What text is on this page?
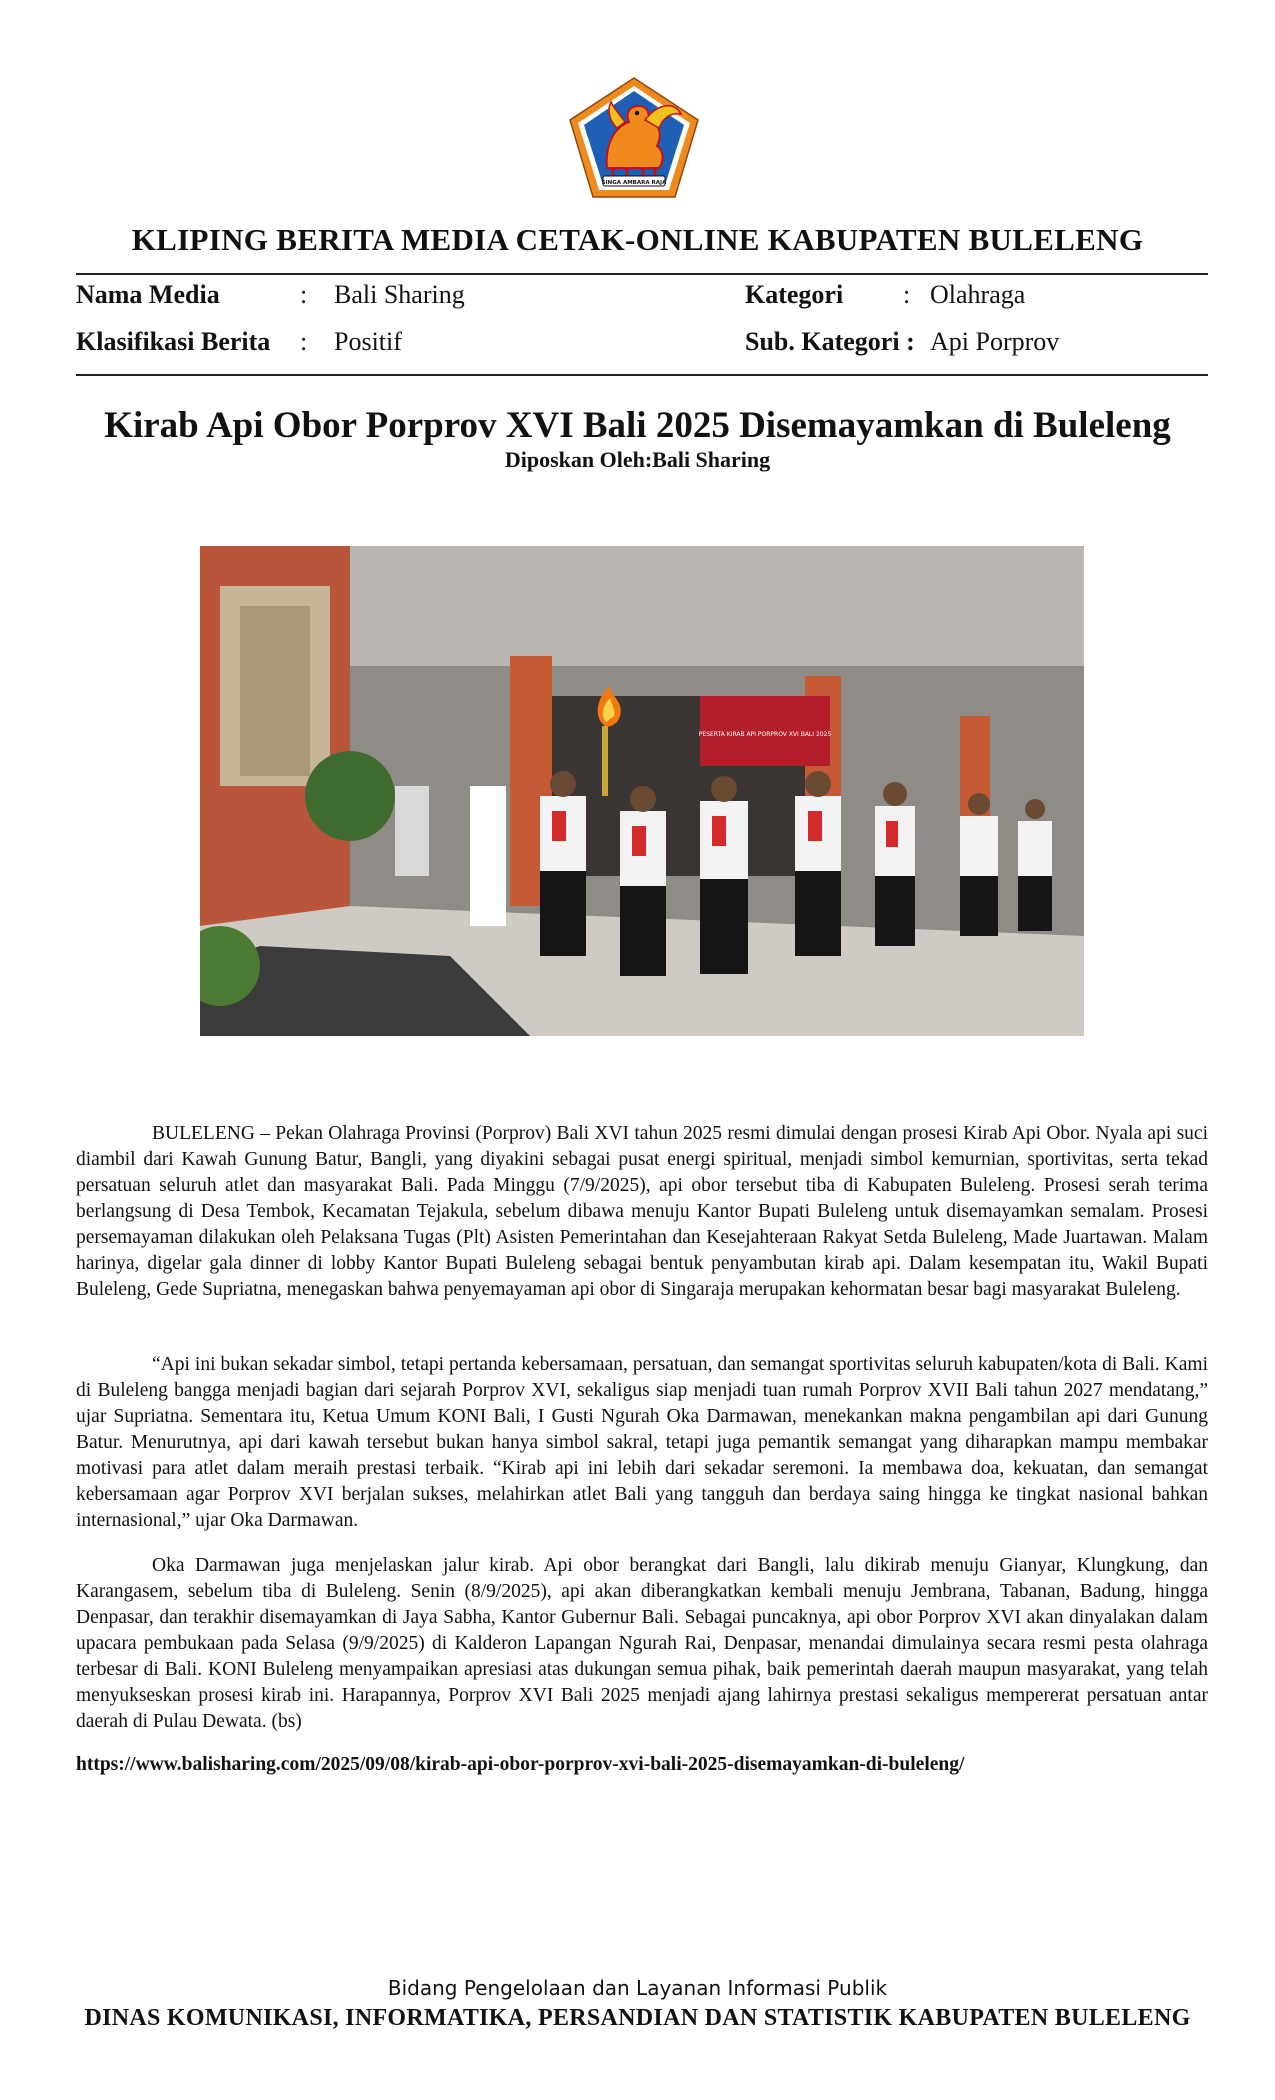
SINGA AMBARA RAJA
KLIPING BERITA MEDIA CETAK-ONLINE KABUPATEN BULELENG
Nama Media	: Bali Sharing	Kategori : Olahraga
Klasifikasi Berita : Positif	Sub. Kategori : Api Porprov
Kirab Api Obor Porprov XVI Bali 2025 Disemayamkan di Buleleng
Diposkan Oleh:Bali Sharing
PESERTA KIRAB API PORPROV XVI BALI 2025

BULELENG – Pekan Olahraga Provinsi (Porprov) Bali XVI tahun 2025 resmi dimulai dengan prosesi Kirab Api Obor. Nyala api suci diambil dari Kawah Gunung Batur, Bangli, yang diyakini sebagai pusat energi spiritual, menjadi simbol kemurnian, sportivitas, serta tekad persatuan seluruh atlet dan masyarakat Bali. Pada Minggu (7/9/2025), api obor tersebut tiba di Kabupaten Buleleng. Prosesi serah terima berlangsung di Desa Tembok, Kecamatan Tejakula, sebelum dibawa menuju Kantor Bupati Buleleng untuk disemayamkan semalam. Prosesi persemayaman dilakukan oleh Pelaksana Tugas (Plt) Asisten Pemerintahan dan Kesejahteraan Rakyat Setda Buleleng, Made Juartawan. Malam harinya, digelar gala dinner di lobby Kantor Bupati Buleleng sebagai bentuk penyambutan kirab api. Dalam kesempatan itu, Wakil Bupati Buleleng, Gede Supriatna, menegaskan bahwa penyemayaman api obor di Singaraja merupakan kehormatan besar bagi masyarakat Buleleng.

“Api ini bukan sekadar simbol, tetapi pertanda kebersamaan, persatuan, dan semangat sportivitas seluruh kabupaten/kota di Bali. Kami di Buleleng bangga menjadi bagian dari sejarah Porprov XVI, sekaligus siap menjadi tuan rumah Porprov XVII Bali tahun 2027 mendatang,” ujar Supriatna. Sementara itu, Ketua Umum KONI Bali, I Gusti Ngurah Oka Darmawan, menekankan makna pengambilan api dari Gunung Batur. Menurutnya, api dari kawah tersebut bukan hanya simbol sakral, tetapi juga pemantik semangat yang diharapkan mampu membakar motivasi para atlet dalam meraih prestasi terbaik. “Kirab api ini lebih dari sekadar seremoni. Ia membawa doa, kekuatan, dan semangat kebersamaan agar Porprov XVI berjalan sukses, melahirkan atlet Bali yang tangguh dan berdaya saing hingga ke tingkat nasional bahkan internasional,” ujar Oka Darmawan.

Oka Darmawan juga menjelaskan jalur kirab. Api obor berangkat dari Bangli, lalu dikirab menuju Gianyar, Klungkung, dan Karangasem, sebelum tiba di Buleleng. Senin (8/9/2025), api akan diberangkatkan kembali menuju Jembrana, Tabanan, Badung, hingga Denpasar, dan terakhir disemayamkan di Jaya Sabha, Kantor Gubernur Bali. Sebagai puncaknya, api obor Porprov XVI akan dinyalakan dalam upacara pembukaan pada Selasa (9/9/2025) di Kalderon Lapangan Ngurah Rai, Denpasar, menandai dimulainya secara resmi pesta olahraga terbesar di Bali. KONI Buleleng menyampaikan apresiasi atas dukungan semua pihak, baik pemerintah daerah maupun masyarakat, yang telah menyukseskan prosesi kirab ini. Harapannya, Porprov XVI Bali 2025 menjadi ajang lahirnya prestasi sekaligus mempererat persatuan antar daerah di Pulau Dewata. (bs)

https://www.balisharing.com/2025/09/08/kirab-api-obor-porprov-xvi-bali-2025-disemayamkan-di-buleleng/
Bidang Pengelolaan dan Layanan Informasi Publik
DINAS KOMUNIKASI, INFORMATIKA, PERSANDIAN DAN STATISTIK KABUPATEN BULELENG
